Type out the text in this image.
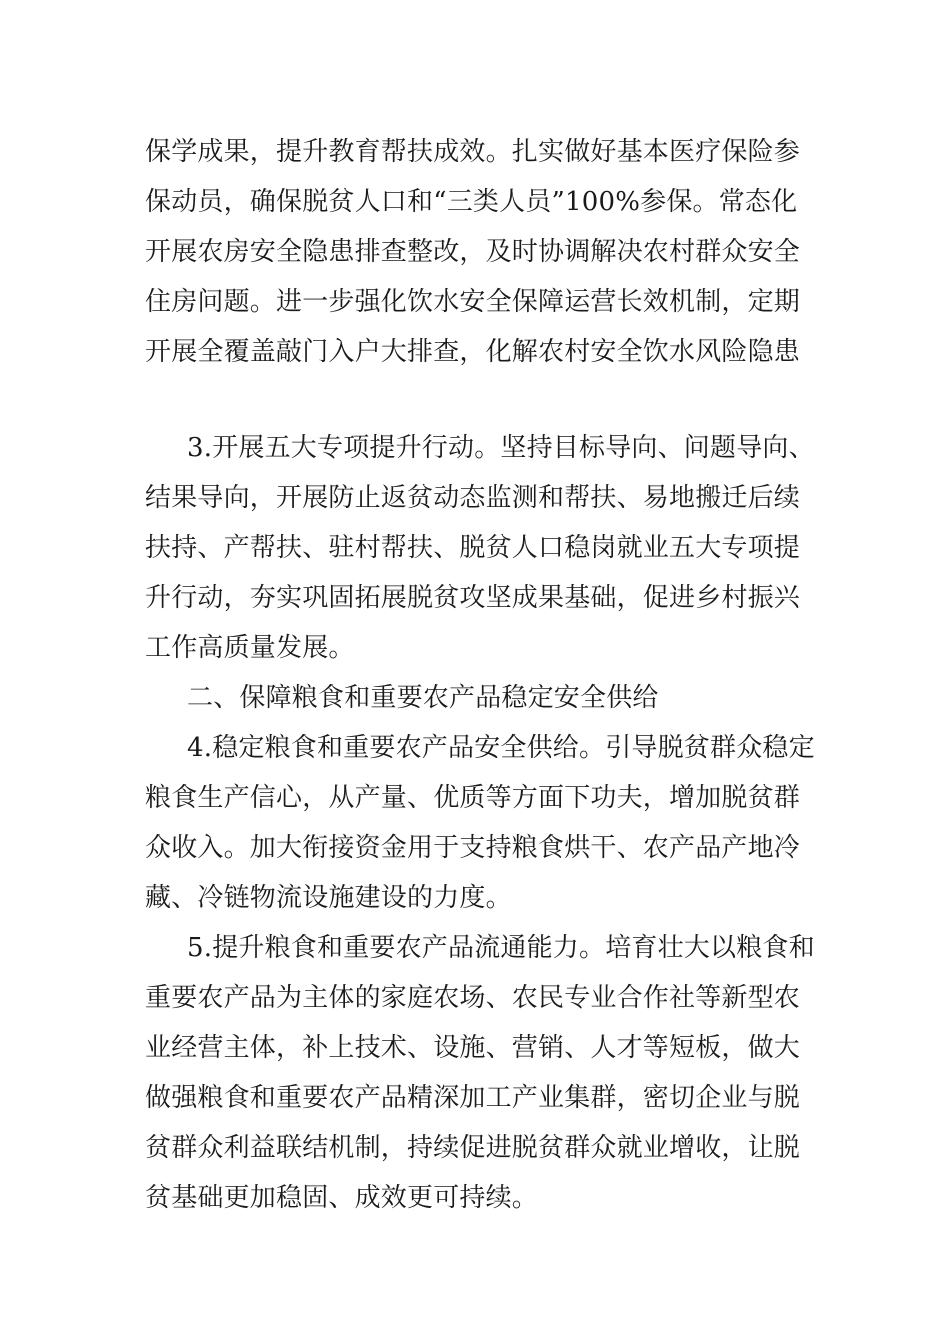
保学成果，提升教育帮扶成效。扎实做好基本医疗保险参
保动员，确保脱贫人口和“三类人员”100%参保。常态化
开展农房安全隐患排查整改，及时协调解决农村群众安全
住房问题。进一步强化饮水安全保障运营长效机制，定期
开展全覆盖敲门入户大排查，化解农村安全饮水风险隐患
3.开展五大专项提升行动。坚持目标导向、问题导向、
结果导向，开展防止返贫动态监测和帮扶、易地搬迁后续
扶持、产帮扶、驻村帮扶、脱贫人口稳岗就业五大专项提
升行动，夯实巩固拓展脱贫攻坚成果基础，促进乡村振兴
工作高质量发展。
二、保障粮食和重要农产品稳定安全供给
4.稳定粮食和重要农产品安全供给。引导脱贫群众稳定
粮食生产信心，从产量、优质等方面下功夫，增加脱贫群
众收入。加大衔接资金用于支持粮食烘干、农产品产地冷
藏、冷链物流设施建设的力度。
5.提升粮食和重要农产品流通能力。培育壮大以粮食和
重要农产品为主体的家庭农场、农民专业合作社等新型农
业经营主体，补上技术、设施、营销、人才等短板，做大
做强粮食和重要农产品精深加工产业集群，密切企业与脱
贫群众利益联结机制，持续促进脱贫群众就业增收，让脱
贫基础更加稳固、成效更可持续。
